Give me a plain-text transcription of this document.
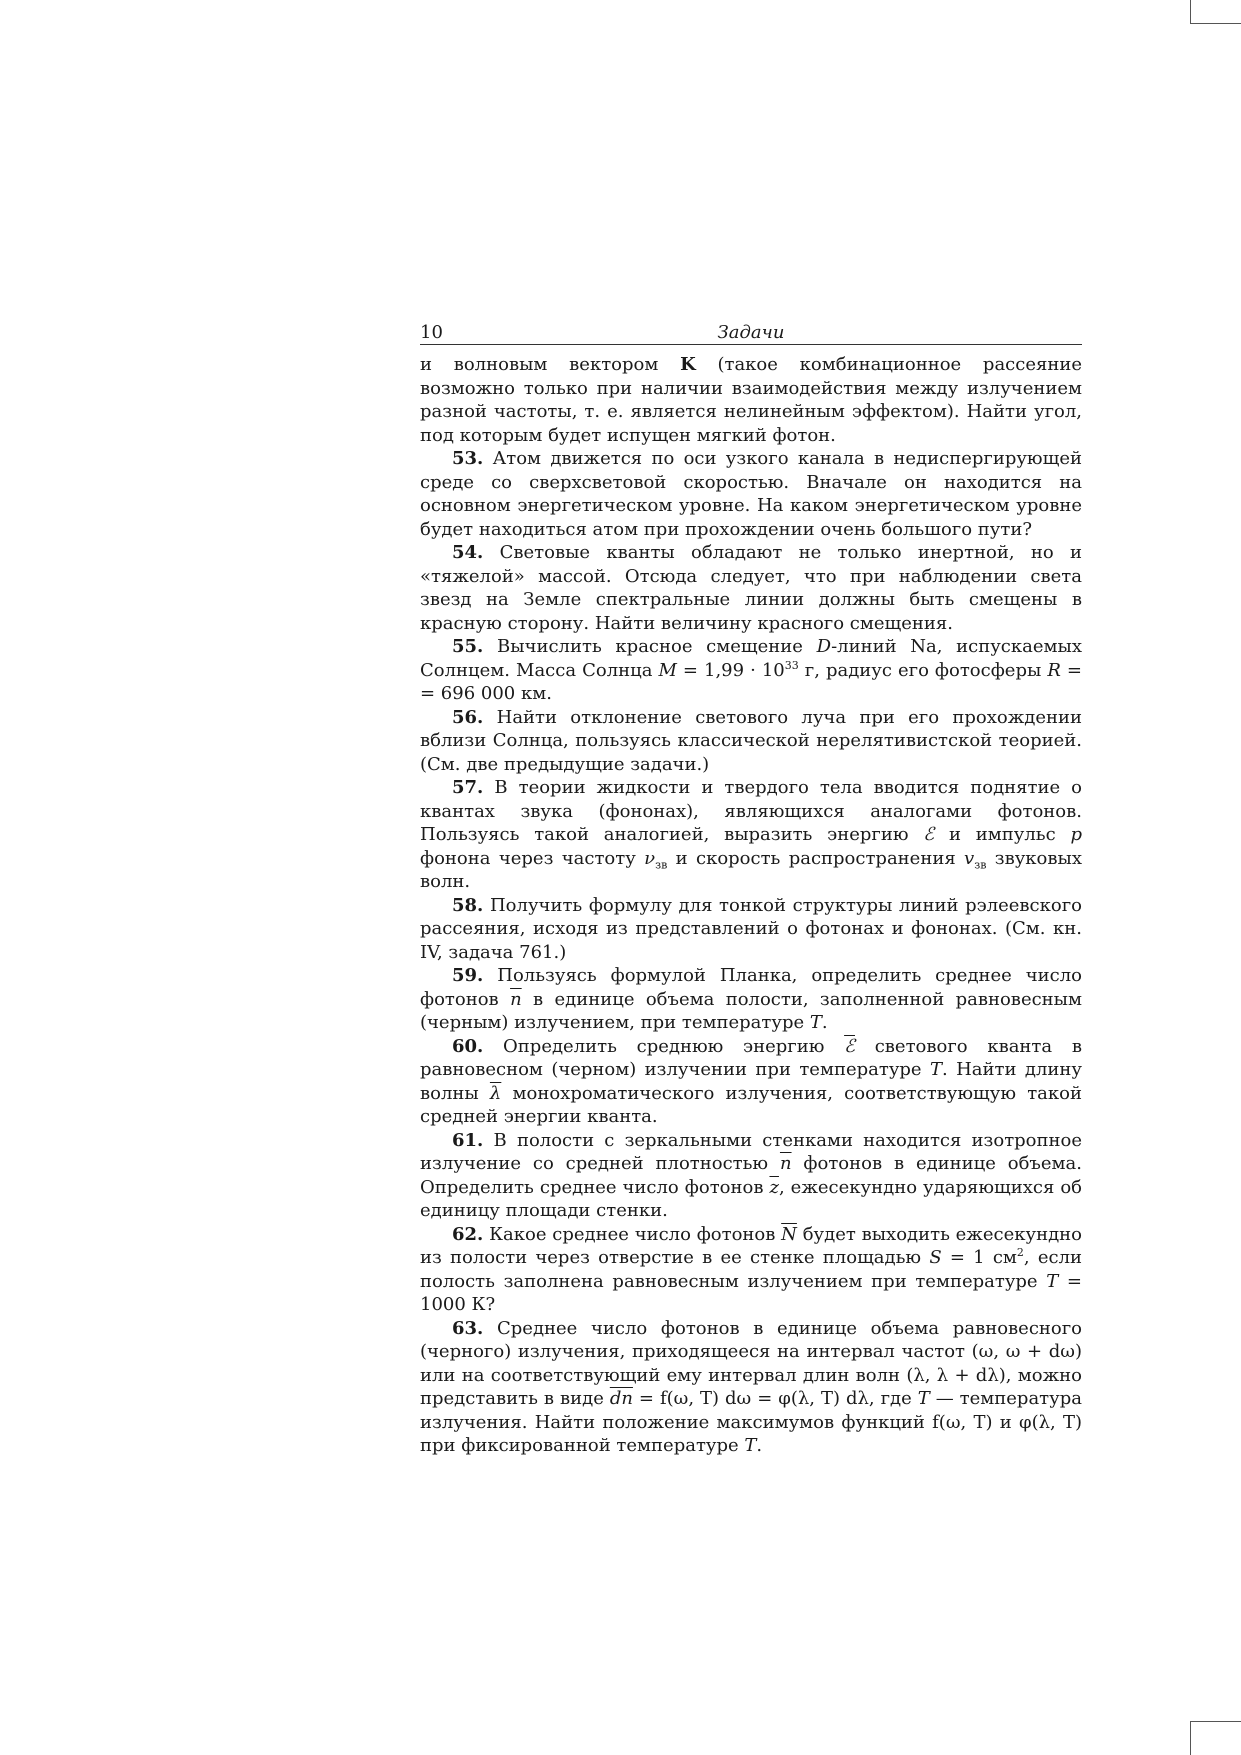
10	Задачи

и волновым вектором K (такое комбинационное рассеяние возможно только при наличии взаимодействия между излучением разной частоты, т. е. является нелинейным эффектом). Найти угол, под которым будет испущен мягкий фотон.

53. Атом движется по оси узкого канала в недиспергирующей среде со сверхсветовой скоростью. Вначале он находится на основном энергетическом уровне. На каком энергетическом уровне будет находиться атом при прохождении очень большого пути?

54. Световые кванты обладают не только инертной, но и «тяжелой» массой. Отсюда следует, что при наблюдении света звезд на Земле спектральные линии должны быть смещены в красную сторону. Найти величину красного смещения.

55. Вычислить красное смещение D-линий Na, испускаемых Солнцем. Масса Солнца $M = 1,99 \cdot 10^{33}$ г, радиус его фотосферы R = = 696 000 км.

56. Найти отклонение светового луча при его прохождении вблизи Солнца, пользуясь классической нерелятивистской теорией. (См. две предыдущие задачи.)

57. В теории жидкости и твердого тела вводится поднятие о квантах звука (фононах), являющихся аналогами фотонов. Пользуясь такой аналогией, выразить энергию ℰ и импульс p фонона через частоту $\nu_{зв}$ и скорость распространения $v_{зв}$ звуковых волн.

58. Получить формулу для тонкой структуры линий рэлеевского рассеяния, исходя из представлений о фотонах и фононах. (См. кн. IV, задача 761.)

59. Пользуясь формулой Планка, определить среднее число фотонов $\overline{n}$ в единице объема полости, заполненной равновесным (черным) излучением, при температуре T.

60. Определить среднюю энергию ℰ светового кванта в равновесном (черном) излучении при температуре T. Найти длину волны $\overline{\lambda}$ монохроматического излучения, соответствующую такой средней энергии кванта.

61. В полости с зеркальными стенками находится изотропное излучение со средней плотностью $\overline{n}$ фотонов в единице объема. Определить среднее число фотонов $\overline{z}$, ежесекундно ударяющихся об единицу площади стенки.

62. Какое среднее число фотонов $\overline{N}$ будет выходить ежесекундно из полости через отверстие в ее стенке площадью S = 1 $см^2$, если полость заполнена равновесным излучением при температуре T = 1000 К?

63. Среднее число фотонов в единице объема равновесного (черного) излучения, приходящееся на интервал частот (ω, ω + dω) или на соответствующий ему интервал длин волн (λ, λ + dλ), можно представить в виде $\overline{dn} = f(\omega$, T) dω = φ(λ, T) dλ, где T — температура излучения. Найти положение максимумов функций f(ω, T) и φ(λ, T) при фиксированной температуре T.
